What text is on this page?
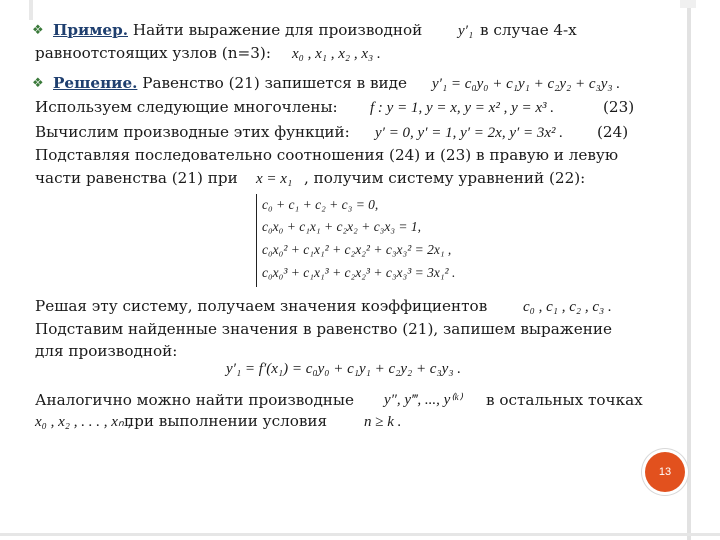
❖ Пример. Найти выражение для производной y′₁ в случае 4-х
равноотстоящих узлов (n=3): x₀ , x₁ , x₂ , x₃ .
❖ Решение. Равенство (21) запишется в виде y′₁ = c₀y₀ + c₁y₁ + c₂y₂ + c₃y₃ .
Используем следующие многочлены: f : y = 1, y = x, y = x² , y = x³ .	(23)
Вычислим производные этих функций: y′ = 0, y′ = 1, y′ = 2x, y′ = 3x² . (24)
Подставляя последовательно соотношения (24) и (23) в правую и левую
части равенства (21) при x = x₁ , получим систему уравнений (22):
c₀ + c₁ + c₂ + c₃ = 0,
c₀x₀ + c₁x₁ + c₂x₂ + c₃x₃ = 1,
c₀x₀² + c₁x₁² + c₂x₂² + c₃x₃² = 2x₁ ,
c₀x₀³ + c₁x₁³ + c₂x₂³ + c₃x₃³ = 3x₁² .
Решая эту систему, получаем значения коэффициентов c₀ , c₁ , c₂ , c₃ .
Подставим найденные значения в равенство (21), запишем выражение
для производной:
y′₁ = f′(x₁) = c₀y₀ + c₁y₁ + c₂y₂ + c₃y₃ .
Аналогично можно найти производные y″, y‴, ..., y⁽ᵏ⁾ в остальных точках
x₀ , x₂ , . . . , xₙ ,
при выполнении условия n ≥ k .
13
